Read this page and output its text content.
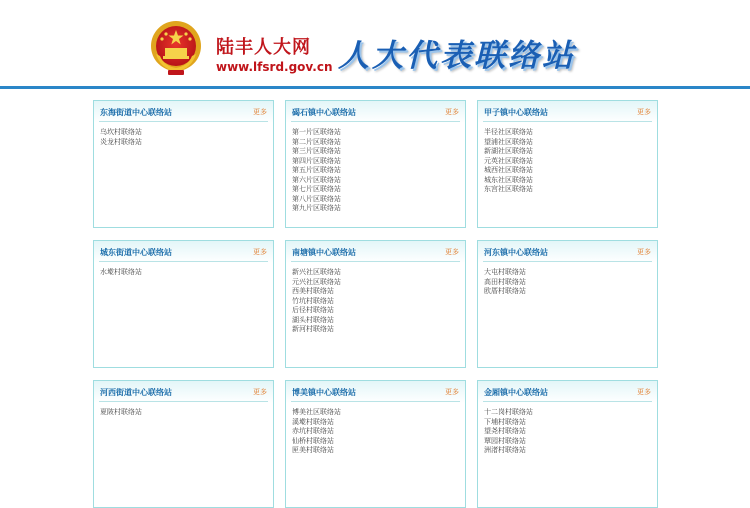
陆丰人大网
www.lfsrd.gov.cn 人大代表联络站
东海街道中心联络站	更多
乌坎村联络站
炎龙村联络站
碣石镇中心联络站	更多
第一片区联络站
第二片区联络站
第三片区联络站
第四片区联络站
第五片区联络站
第六片区联络站
第七片区联络站
第八片区联络站
第九片区联络站
甲子镇中心联络站	更多
半径社区联络站
望浦社区联络站
新湖社区联络站
元英社区联络站
城西社区联络站
城东社区联络站
东宫社区联络站
城东街道中心联络站	更多
水墘村联络站
南塘镇中心联络站	更多
新兴社区联络站
元兴社区联络站
西美村联络站
竹坑村联络站
后径村联络站
湖头村联络站
新河村联络站
河东镇中心联络站	更多
大屯村联络站
高田村联络站
欧厝村联络站
河西街道中心联络站	更多
夏陂村联络站
博美镇中心联络站	更多
博美社区联络站
溪墘村联络站
赤坑村联络站
仙桥村联络站
匣美村联络站
金厢镇中心联络站	更多
十二岗村联络站
下埔村联络站
望尧村联络站
覃园村联络站
洲渚村联络站
